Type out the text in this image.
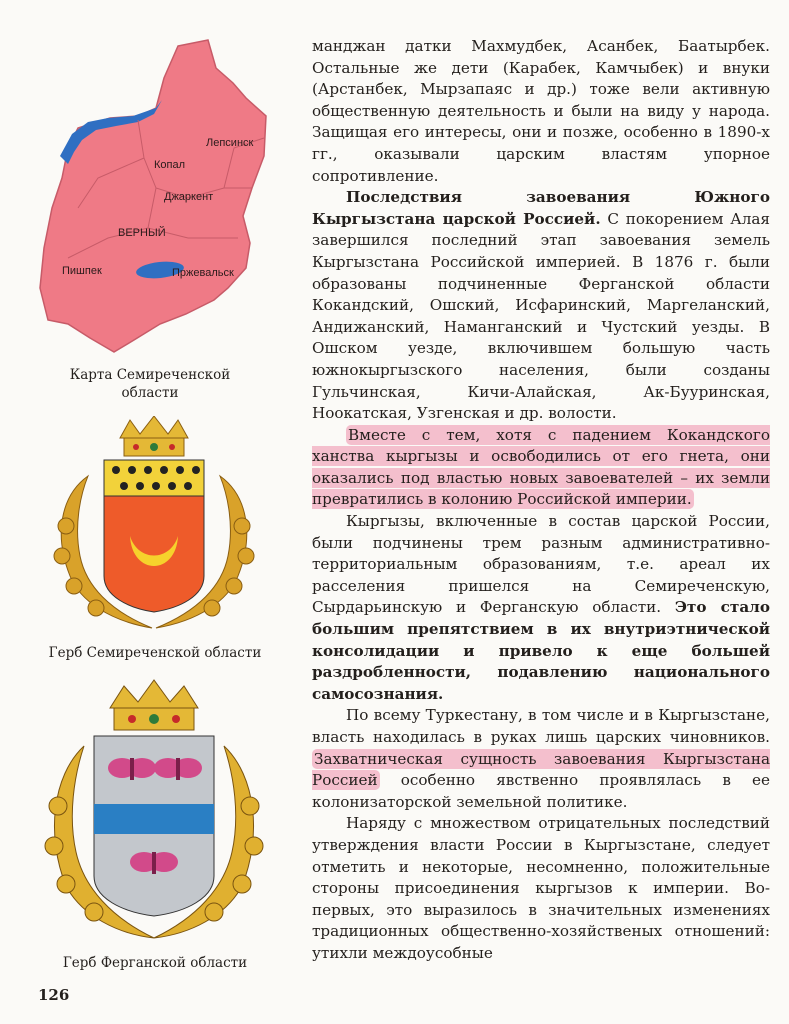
Лепсинск
Копал
Джаркент
ВЕРНЫЙ
Пишпек	Пржевальск
Карта Семиреченской
области
Герб Семиреченской области
Герб Ферганской области

манджан датки Махмудбек, Асанбек, Баатырбек. Остальные же дети (Карабек, Камчыбек) и внуки (Арстанбек, Мырзапаяс и др.) тоже вели активную общественную деятельность и были на виду у народа. Защищая его интересы, они и позже, особенно в 1890-х гг., оказывали царским властям упорное сопротивление.

Последствия завоевания Южного Кыргызстана царской Россией. С покорением Алая завершился последний этап завоевания земель Кыргызстана Российской империей. В 1876 г. были образованы подчиненные Ферганской области Кокандский, Ошский, Исфаринский, Маргеланский, Андижанский, Наманганский и Чустский уезды. В Ошском уезде, включившем большую часть южнокыргызского населения, были созданы Гульчинская, Кичи-Алайская, Ак-Бууринская, Ноокатская, Узгенская и др. волости.

Вместе с тем, хотя с падением Кокандского ханства кыргызы и освободились от его гнета, они оказались под властью новых завоевателей – их земли превратились в колонию Российской империи.

Кыргызы, включенные в состав царской России, были подчинены трем разным административно-территориальным образованиям, т.е. ареал их расселения пришелся на Семиреченскую, Сырдарьинскую и Ферганскую области. Это стало большим препятствием в их внутриэтнической консолидации и привело к еще большей раздробленности, подавлению национального самосознания.

По всему Туркестану, в том числе и в Кыргызстане, власть находилась в руках лишь царских чиновников. Захватническая сущность завоевания Кыргызстана Россией особенно явственно проявлялась в ее колонизаторской земельной политике.

Наряду с множеством отрицательных последствий утверждения власти России в Кыргызстане, следует отметить и некоторые, несомненно, положительные стороны присоединения кыргызов к империи. Во-первых, это выразилось в значительных изменениях традиционных общественно-хозяйственых отношений: утихли междоусобные

126
